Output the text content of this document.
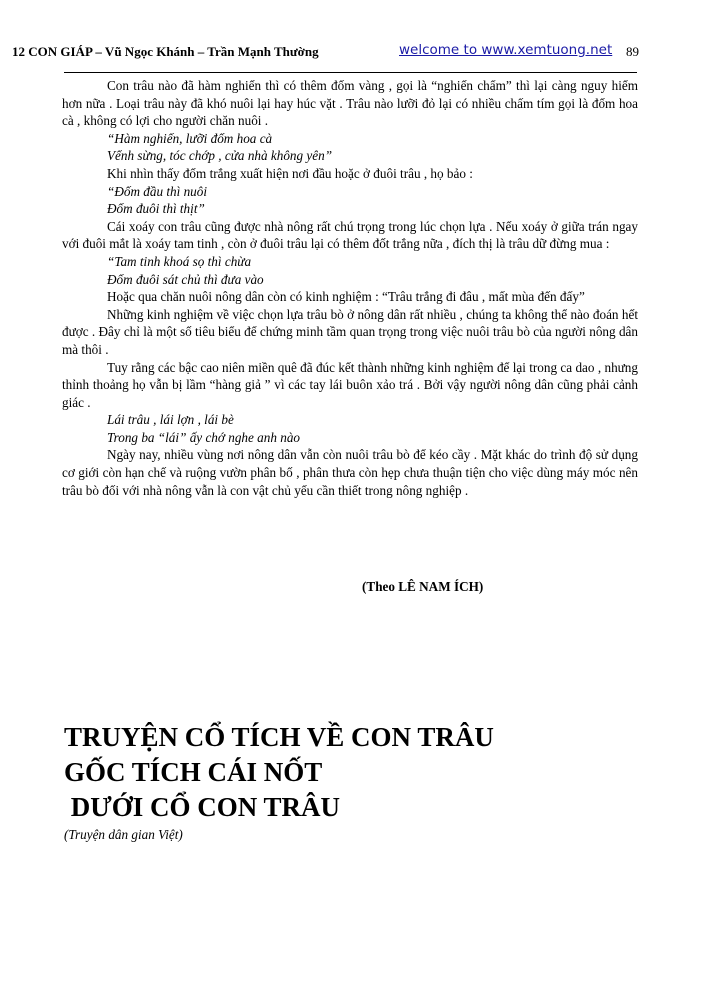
12 CON GIÁP – Vũ Ngọc Khánh – Trần Mạnh Thường	welcome to www.xemtuong.net 89

Con trâu nào đã hàm nghiến thì có thêm đốm vàng , gọi là “nghiến chẩm” thì lại càng nguy hiểm hơn nữa . Loại trâu này đã khó nuôi lại hay húc vặt . Trâu nào lưỡi đỏ lại có nhiều chấm tím gọi là đốm hoa cà , không có lợi cho người chăn nuôi .

“Hàm nghiến, lưỡi đốm hoa cà

Vểnh sừng, tóc chớp , cửa nhà không yên”

Khi nhìn thấy đốm trắng xuất hiện nơi đầu hoặc ở đuôi trâu , họ bảo :

“Đốm đầu thì nuôi

Đốm đuôi thì thịt”

Cái xoáy con trâu cũng được nhà nông rất chú trọng trong lúc chọn lựa . Nếu xoáy ở giữa trán ngay với đuôi mắt là xoáy tam tinh , còn ở đuôi trâu lại có thêm đốt trắng nữa , đích thị là trâu dữ đừng mua :

“Tam tinh khoá sọ thì chừa

Đốm đuôi sát chủ thì đưa vào

Hoặc qua chăn nuôi nông dân còn có kinh nghiệm : “Trâu trắng đi đâu , mất mùa đến đấy”

Những kinh nghiệm về việc chọn lựa trâu bò ở nông dân rất nhiều , chúng ta không thể nào đoán hết được . Đây chỉ là một số tiêu biểu để chứng minh tầm quan trọng trong việc nuôi trâu bò của người nông dân mà thôi .

Tuy rằng các bậc cao niên miền quê đã đúc kết thành những kinh nghiệm để lại trong ca dao , nhưng thỉnh thoảng họ vẫn bị lầm “hàng giả ” vì các tay lái buôn xảo trá . Bởi vậy người nông dân cũng phải cảnh giác .

Lái trâu , lái lợn , lái bè

Trong ba “lái” ấy chớ nghe anh nào

Ngày nay, nhiều vùng nơi nông dân vẫn còn nuôi trâu bò để kéo cầy . Mặt khác do trình độ sử dụng cơ giới còn hạn chế và ruộng vườn phân bố , phân thưa còn hẹp chưa thuận tiện cho việc dùng máy móc nên trâu bò đối với nhà nông vẫn là con vật chủ yếu cần thiết trong nông nghiệp .

(Theo LÊ NAM ÍCH)
TRUYỆN CỔ TÍCH VỀ CON TRÂU
GỐC TÍCH CÁI NỐT
DƯỚI CỔ CON TRÂU
(Truyện dân gian Việt)
